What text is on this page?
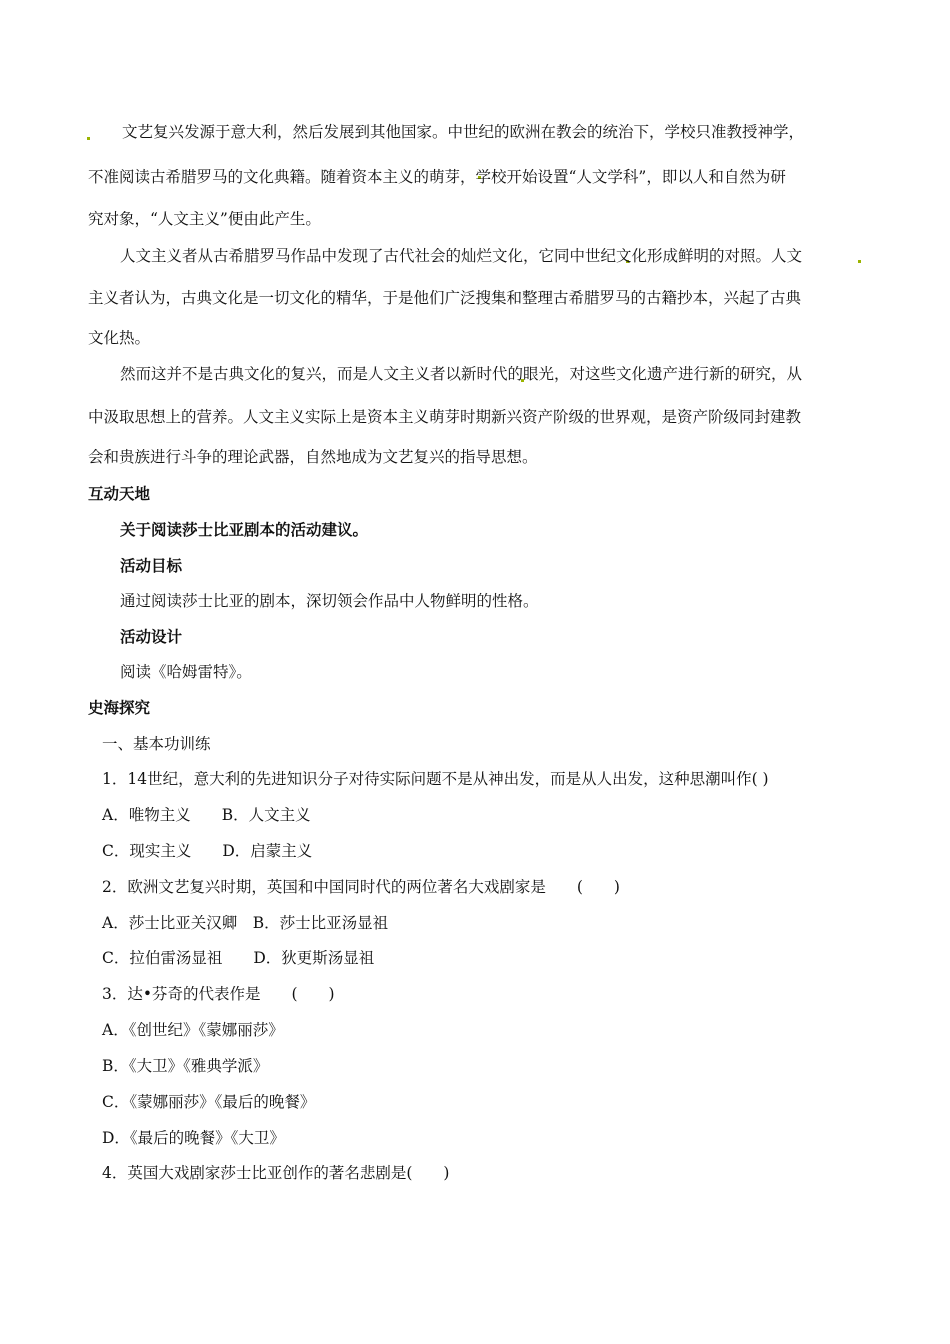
文艺复兴发源于意大利，然后发展到其他国家。中世纪的欧洲在教会的统治下，学校只准教授神学，
不准阅读古希腊罗马的文化典籍。随着资本主义的萌芽，学校开始设置“人文学科”，即以人和自然为研
究对象，“人文主义”便由此产生。
人文主义者从古希腊罗马作品中发现了古代社会的灿烂文化，它同中世纪文化形成鲜明的对照。人文
主义者认为，古典文化是一切文化的精华，于是他们广泛搜集和整理古希腊罗马的古籍抄本，兴起了古典
文化热。
然而这并不是古典文化的复兴，而是人文主义者以新时代的眼光，对这些文化遗产进行新的研究，从
中汲取思想上的营养。人文主义实际上是资本主义萌芽时期新兴资产阶级的世界观，是资产阶级同封建教
会和贵族进行斗争的理论武器，自然地成为文艺复兴的指导思想。
互动天地
关于阅读莎士比亚剧本的活动建议。
活动目标
通过阅读莎士比亚的剧本，深切领会作品中人物鲜明的性格。
活动设计
阅读《哈姆雷特》。
史海探究
一、基本功训练
1．14世纪，意大利的先进知识分子对待实际问题不是从神出发，而是从人出发，这种思潮叫作( )
A．唯物主义　　B．人文主义
C．现实主义　　D．启蒙主义
2．欧洲文艺复兴时期，英国和中国同时代的两位著名大戏剧家是　　(　　)
A．莎士比亚关汉卿　B．莎士比亚汤显祖
C．拉伯雷汤显祖　　D．狄更斯汤显祖
3．达•芬奇的代表作是　　(　　)
A．《创世纪》《蒙娜丽莎》
B．《大卫》《雅典学派》
C．《蒙娜丽莎》《最后的晚餐》
D．《最后的晚餐》《大卫》
4．英国大戏剧家莎士比亚创作的著名悲剧是(　　)
